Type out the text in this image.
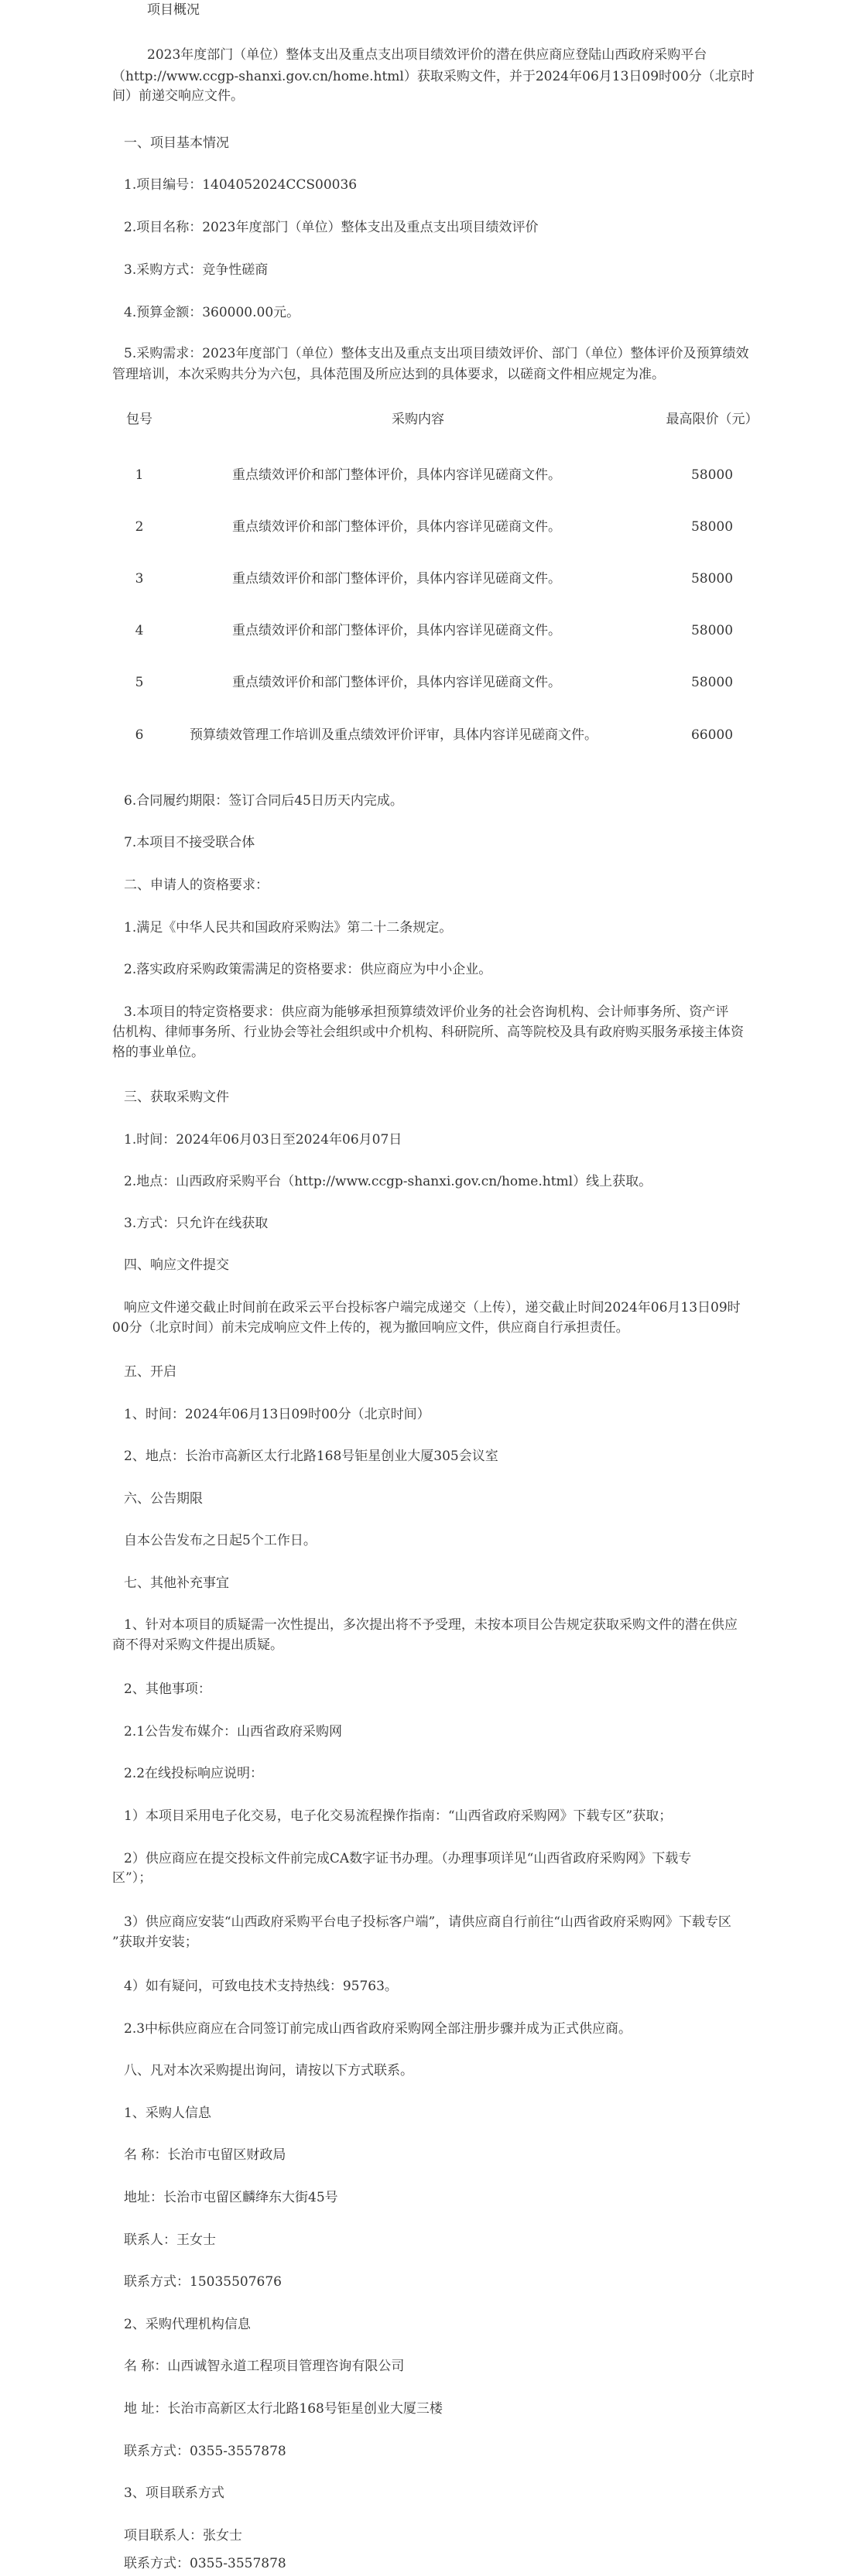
项目概况

2023年度部门（单位）整体支出及重点支出项目绩效评价的潜在供应商应登陆山西政府采购平台

（http://www.ccgp-shanxi.gov.cn/home.html）获取采购文件，并于2024年06月13日09时00分（北京时

间）前递交响应文件。

一、项目基本情况

1.项目编号：1404052024CCS00036

2.项目名称：2023年度部门（单位）整体支出及重点支出项目绩效评价

3.采购方式：竞争性磋商

4.预算金额：360000.00元。

5.采购需求：2023年度部门（单位）整体支出及重点支出项目绩效评价、部门（单位）整体评价及预算绩效

管理培训，本次采购共分为六包，具体范围及所应达到的具体要求，以磋商文件相应规定为准。

包号	采购内容	最高限价（元）

1	重点绩效评价和部门整体评价，具体内容详见磋商文件。	58000

2	重点绩效评价和部门整体评价，具体内容详见磋商文件。	58000

3	重点绩效评价和部门整体评价，具体内容详见磋商文件。	58000

4	重点绩效评价和部门整体评价，具体内容详见磋商文件。	58000

5	重点绩效评价和部门整体评价，具体内容详见磋商文件。	58000

6	预算绩效管理工作培训及重点绩效评价评审，具体内容详见磋商文件。	66000

6.合同履约期限：签订合同后45日历天内完成。

7.本项目不接受联合体

二、申请人的资格要求：

1.满足《中华人民共和国政府采购法》第二十二条规定。

2.落实政府采购政策需满足的资格要求：供应商应为中小企业。

3.本项目的特定资格要求：供应商为能够承担预算绩效评价业务的社会咨询机构、会计师事务所、资产评

估机构、律师事务所、行业协会等社会组织或中介机构、科研院所、高等院校及具有政府购买服务承接主体资

格的事业单位。

三、获取采购文件

1.时间：2024年06月03日至2024年06月07日

2.地点：山西政府采购平台（http://www.ccgp-shanxi.gov.cn/home.html）线上获取。

3.方式：只允许在线获取

四、响应文件提交

响应文件递交截止时间前在政采云平台投标客户端完成递交（上传），递交截止时间2024年06月13日09时

00分（北京时间）前未完成响应文件上传的，视为撤回响应文件，供应商自行承担责任。

五、开启

1、时间：2024年06月13日09时00分（北京时间）

2、地点：长治市高新区太行北路168号钜星创业大厦305会议室

六、公告期限

自本公告发布之日起5个工作日。

七、其他补充事宜

1、针对本项目的质疑需一次性提出，多次提出将不予受理，未按本项目公告规定获取采购文件的潜在供应

商不得对采购文件提出质疑。

2、其他事项：

2.1公告发布媒介：山西省政府采购网

2.2在线投标响应说明：

1）本项目采用电子化交易，电子化交易流程操作指南：“山西省政府采购网》下载专区”获取；

2）供应商应在提交投标文件前完成CA数字证书办理。（办理事项详见“山西省政府采购网》下载专

区”）；

3）供应商应安装“山西政府采购平台电子投标客户端”，请供应商自行前往“山西省政府采购网》下载专区

”获取并安装；

4）如有疑问，可致电技术支持热线：95763。

2.3中标供应商应在合同签订前完成山西省政府采购网全部注册步骤并成为正式供应商。

八、凡对本次采购提出询问，请按以下方式联系。

1、采购人信息

名 称：长治市屯留区财政局

地址：长治市屯留区麟绛东大街45号

联系人：王女士

联系方式：15035507676

2、采购代理机构信息

名 称：山西诚智永道工程项目管理咨询有限公司

地 址：长治市高新区太行北路168号钜星创业大厦三楼

联系方式：0355-3557878

3、项目联系方式

项目联系人：张女士

联系方式：0355-3557878
